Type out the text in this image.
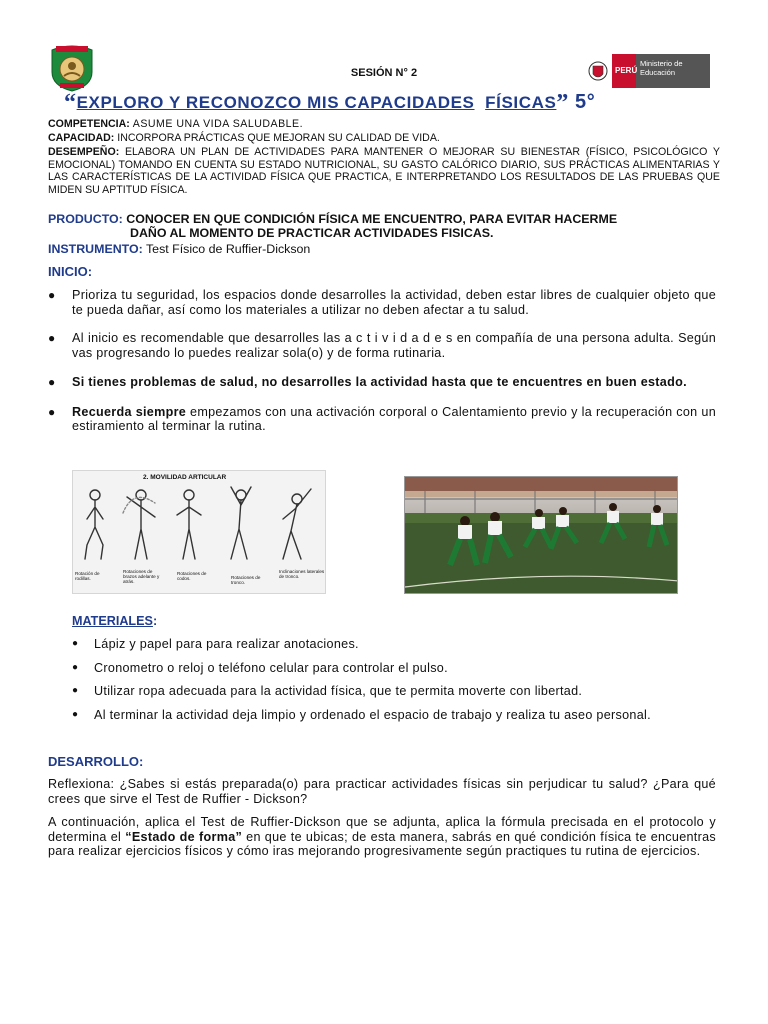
SESIÓN N° 2	PERÚ
Ministerio de Educación
“EXPLORO Y RECONOZCO MIS CAPACIDADES FÍSICAS” 5°
COMPETENCIA: ASUME UNA VIDA SALUDABLE.
CAPACIDAD: INCORPORA PRÁCTICAS QUE MEJORAN SU CALIDAD DE VIDA.
DESEMPEÑO: ELABORA UN PLAN DE ACTIVIDADES PARA MANTENER O MEJORAR SU BIENESTAR (FÍSICO, PSICOLÓGICO Y EMOCIONAL) TOMANDO EN CUENTA SU ESTADO NUTRICIONAL, SU GASTO CALÓRICO DIARIO, SUS PRÁCTICAS ALIMENTARIAS Y LAS CARACTERÍSTICAS DE LA ACTIVIDAD FÍSICA QUE PRACTICA, E INTERPRETANDO LOS RESULTADOS DE LAS PRUEBAS QUE MIDEN SU APTITUD FÍSICA.
PRODUCTO: CONOCER EN QUE CONDICIÓN FÍSICA ME ENCUENTRO, PARA EVITAR HACERME
DAÑO AL MOMENTO DE PRACTICAR ACTIVIDADES FISICAS.
INSTRUMENTO: Test Físico de Ruffier-Dickson
INICIO:
● Prioriza tu seguridad, los espacios donde desarrolles la actividad, deben estar libres de cualquier objeto que te pueda dañar, así como los materiales a utilizar no deben afectar a tu salud.
● Al inicio es recomendable que desarrolles las a c t i v i d a d e s en compañía de una persona adulta. Según vas progresando lo puedes realizar sola(o) y de forma rutinaria.
● Si tienes problemas de salud, no desarrolles la actividad hasta que te encuentres en buen estado.
● Recuerda siempre empezamos con una activación corporal o Calentamiento previo y la recuperación con un estiramiento al terminar la rutina.
2. MOVILIDAD ARTICULAR
Rotación de rodillas.
Rotaciones de brazos adelante y atrás.
Rotaciones de codos.	Rotaciones de tronco.
Inclinaciones laterales de tronco.
MATERIALES:
● Lápiz y papel para para realizar anotaciones.
● Cronometro o reloj o teléfono celular para controlar el pulso.
● Utilizar ropa adecuada para la actividad física, que te permita moverte con libertad.
● Al terminar la actividad deja limpio y ordenado el espacio de trabajo y realiza tu aseo personal.
DESARROLLO:
Reflexiona: ¿Sabes si estás preparada(o) para practicar actividades físicas sin perjudicar tu salud? ¿Para qué crees que sirve el Test de Ruffier - Dickson?
A continuación, aplica el Test de Ruffier-Dickson que se adjunta, aplica la fórmula precisada en el protocolo y determina el “Estado de forma” en que te ubicas; de esta manera, sabrás en qué condición física te encuentras para realizar ejercicios físicos y cómo iras mejorando progresivamente según practiques tu rutina de ejercicios.
